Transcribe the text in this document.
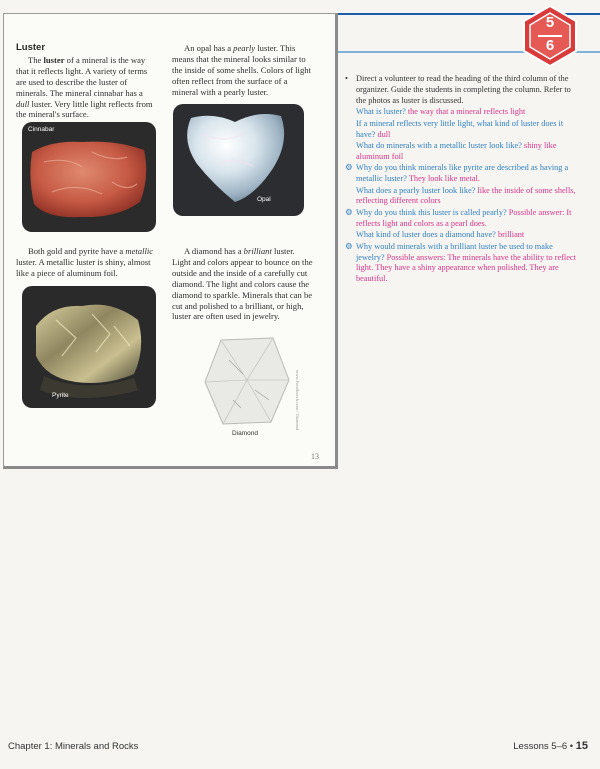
Luster

The luster of a mineral is the way that it reflects light. A variety of terms are used to describe the luster of minerals. The mineral cinnabar has a dull luster. Very little light reflects from the mineral's surface.

An opal has a pearly luster. This means that the mineral looks similar to the inside of some shells. Colors of light often reflect from the surface of a mineral with a pearly luster.

Cinnabar
Opal

Both gold and pyrite have a metallic luster. A metallic luster is shiny, almost like a piece of aluminum foil.

A diamond has a brilliant luster. Light and colors appear to bounce on the outside and the inside of a carefully cut diamond. The light and colors cause the diamond to sparkle. Minerals that can be cut and polished to a brilliant, or high, luster are often used in jewelry.

Pyrite
Diamond
www.FotoSearch.com / Diamond
13
5
6
• Direct a volunteer to read the heading of the third column of the organizer. Guide the students in completing the column. Refer to the photos as luster is discussed.
What is luster? the way that a mineral reflects light
If a mineral reflects very little light, what kind of luster does it have? dull
What do minerals with a metallic luster look like? shiny like aluminum foil
⚙ Why do you think minerals like pyrite are described as having a metallic luster? They look like metal.
What does a pearly luster look like? like the inside of some shells, reflecting different colors
⚙ Why do you think this luster is called pearly? Possible answer: It reflects light and colors as a pearl does.
What kind of luster does a diamond have? brilliant
⚙ Why would minerals with a brilliant luster be used to make jewelry? Possible answers: The minerals have the ability to reflect light. They have a shiny appearance when polished. They are beautiful.
Chapter 1: Minerals and Rocks	Lessons 5–6 • 15
